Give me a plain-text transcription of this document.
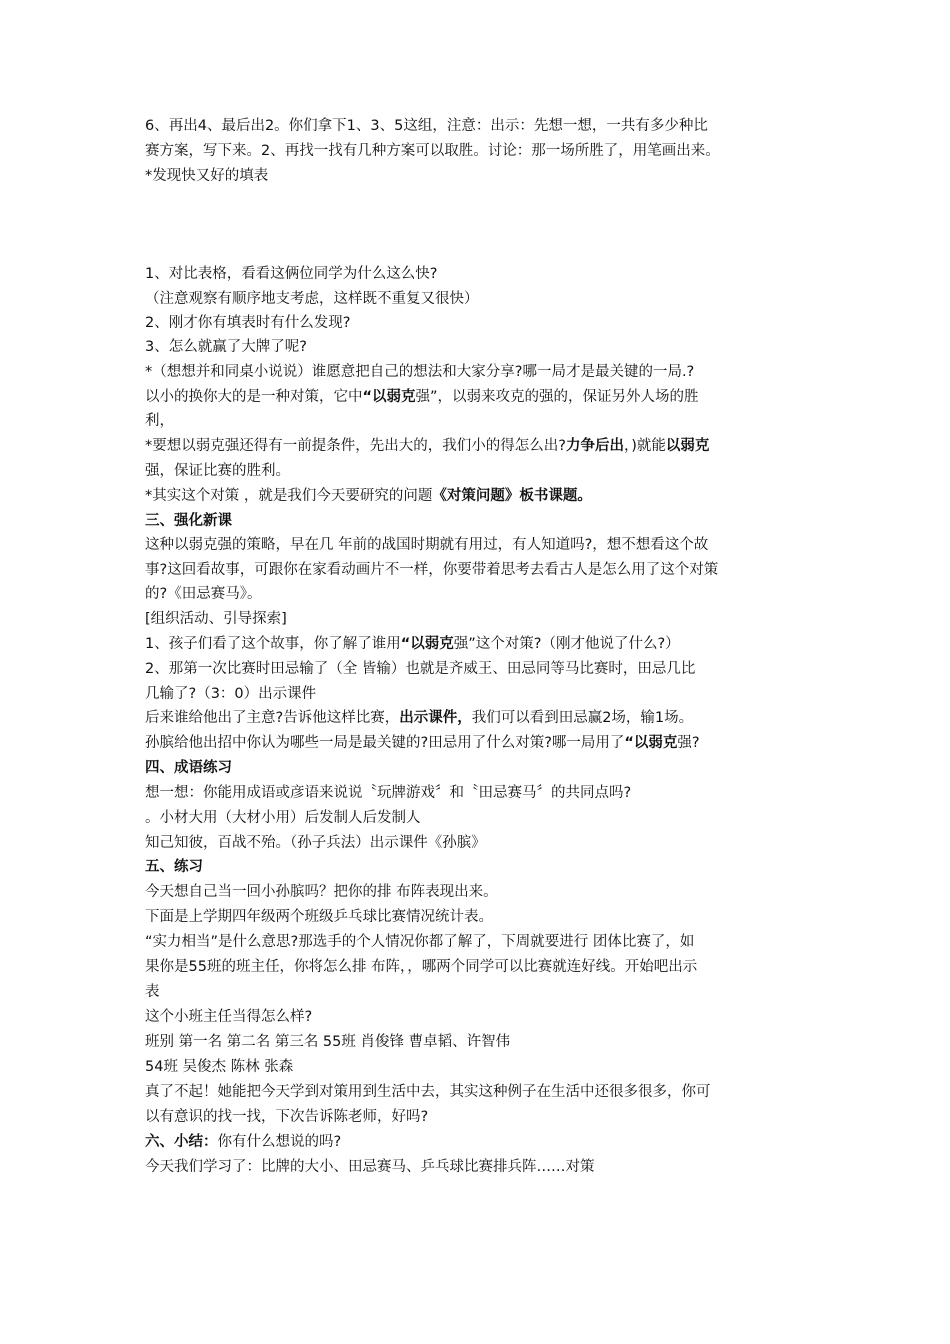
6、再出4、最后出2。你们拿下1、3、5这组，注意：出示：先想一想，一共有多少种比

赛方案，写下来。2、再找一找有几种方案可以取胜。讨论：那一场所胜了，用笔画出来。

*发现快又好的填表

1、对比表格，看看这俩位同学为什么这么快?

（注意观察有顺序地支考虑，这样既不重复又很快）

2、刚才你有填表时有什么发现?

3、怎么就赢了大牌了呢?

*（想想并和同桌小说说）谁愿意把自己的想法和大家分享?哪一局才是最关键的一局.?

以小的换你大的是一种对策，它中“以弱克强”，以弱来攻克的强的，保证另外人场的胜

利，

*要想以弱克强还得有一前提条件，先出大的，我们小的得怎么出?力争后出，)就能以弱克

强，保证比赛的胜利。

*其实这个对策 ，就是我们今天要研究的问题《对策问题》板书课题。

三、强化新课

这种以弱克强的策略，早在几 年前的战国时期就有用过，有人知道吗?，想不想看这个故

事?这回看故事，可跟你在家看动画片不一样，你要带着思考去看古人是怎么用了这个对策

的?《田忌赛马》。

[组织活动、引导探索]

1、孩子们看了这个故事，你了解了谁用“以弱克强”这个对策?（刚才他说了什么?）

2、那第一次比赛时田忌输了（全 皆输）也就是齐威王、田忌同等马比赛时，田忌几比

几输了?（3：0）出示课件

后来谁给他出了主意?告诉他这样比赛，出示课件，我们可以看到田忌赢2场，输1场。

孙膑给他出招中你认为哪些一局是最关键的?田忌用了什么对策?哪一局用了“以弱克强?

四、成语练习

想一想：你能用成语或彦语来说说〝玩牌游戏〞和〝田忌赛马〞的共同点吗?

。小材大用（大材小用）后发制人后发制人

知己知彼，百战不殆。（孙子兵法）出示课件《孙膑》

五、练习

今天想自己当一回小孙膑吗？把你的排 布阵表现出来。

下面是上学期四年级两个班级乒乓球比赛情况统计表。

“实力相当”是什么意思?那选手的个人情况你都了解了，下周就要进行 团体比赛了，如

果你是55班的班主任，你将怎么排 布阵，，哪两个同学可以比赛就连好线。开始吧出示

表

这个小班主任当得怎么样?

班别 第一名 第二名 第三名 55班 肖俊锋 曹卓韬、许智伟

54班 吴俊杰 陈林 张森

真了不起！她能把今天学到对策用到生活中去，其实这种例子在生活中还很多很多，你可

以有意识的找一找，下次告诉陈老师，好吗?

六、小结：你有什么想说的吗?

今天我们学习了：比牌的大小、田忌赛马、乒乓球比赛排兵阵……对策
